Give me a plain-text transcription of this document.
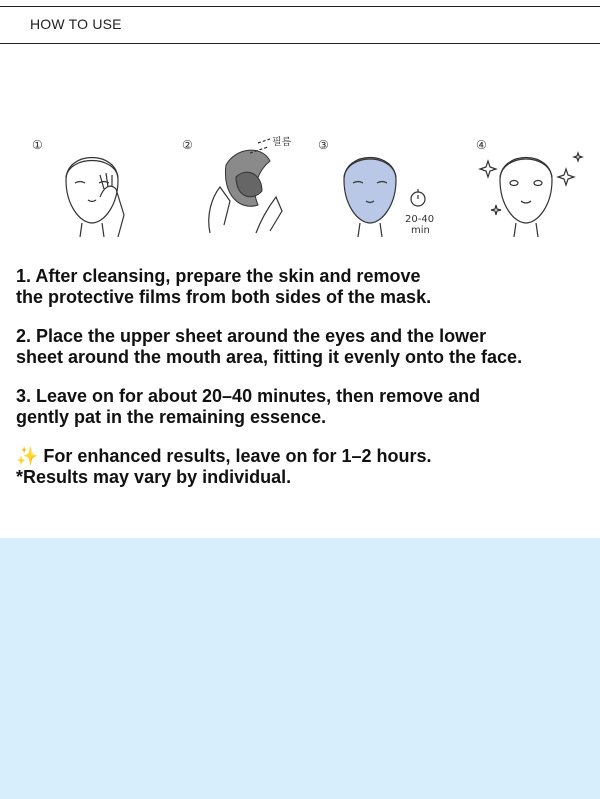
HOW TO USE
①	②	필름 ③
20-40
min
④

1. After cleansing, prepare the skin and remove
the protective films from both sides of the mask.

2. Place the upper sheet around the eyes and the lower
sheet around the mouth area, fitting it evenly onto the face.

3. Leave on for about 20–40 minutes, then remove and
gently pat in the remaining essence.

✨ For enhanced results, leave on for 1–2 hours.
*Results may vary by individual.
